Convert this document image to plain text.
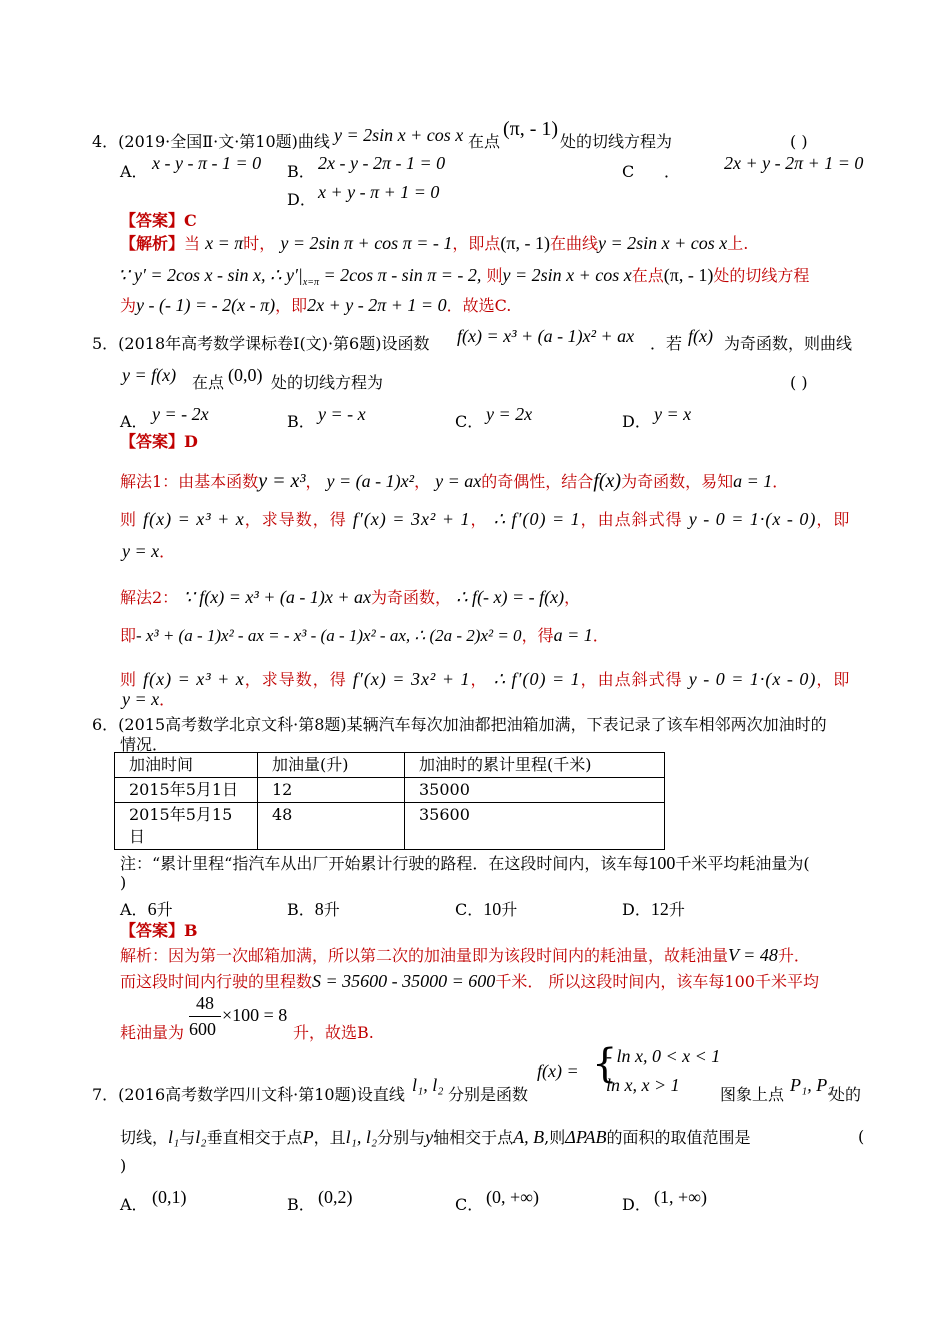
4．(2019·全国Ⅱ·文·第10题)曲线 y = 2sin x + cos x 在点
(π, - 1)
处的切线方程为	( )
A． x - y - π - 1 = 0 B． 2x - y - 2π - 1 = 0	C ． 2x + y - 2π + 1 = 0
D． x + y - π + 1 = 0
【答案】C
【解析】当 x = π时， y = 2sin π + cos π = - 1，即点(π, - 1)在曲线y = 2sin x + cos x上.
∵ y′ = 2cos x - sin x, ∴ $y'|_{x=\pi} = 2\cos$ π - sin π = - 2, 则y = 2sin x + cos x在点(π, - 1)处的切线方程
为y - (- 1) = - 2(x - π)，即2x + y - 2π + 1 = 0．故选C.
5．(2018年高考数学课标卷Ⅰ(文)·第6题)设函数 f(x) = x³ + (a - 1)x² + ax ．若 f(x) 为奇函数，则曲线
y = f(x) 在点 (0,0) 处的切线方程为	( )
A． y = - 2x	B． y = - x	C． y = 2x	D． y = x
【答案】D
解法1：由基本函数y = x³， y = (a - 1)x²， y = ax的奇偶性，结合f(x)为奇函数，易知a = 1．
则 f(x) = x³ + x，求导数，得 f′(x) = 3x² + 1， ∴ f′(0) = 1，由点斜式得 y - 0 = 1·(x - 0)，即
y = x．
解法2： ∵ f(x) = x³ + (a - 1)x + ax为奇函数， ∴ f(- x) = - f(x)，
即- x³ + (a - 1)x² - ax = - x³ - (a - 1)x² - ax, ∴ (2a - 2)x² = 0，得a = 1．
则 f(x) = x³ + x，求导数，得 f′(x) = 3x² + 1， ∴ f′(0) = 1，由点斜式得 y - 0 = 1·(x - 0)，即
y = x．
6．(2015高考数学北京文科·第8题)某辆汽车每次加油都把油箱加满，下表记录了该车相邻两次加油时的
情况．
加油时间	加油量(升)	加油时的累计里程(千米)
2015年5月1日	12	35000
2015年5月15
日	48	35600
注：“累计里程“指汽车从出厂开始累计行驶的路程．在这段时间内，该车每100千米平均耗油量为(
)
A．6升	B．8升	C．10升	D．12升
【答案】B
解析：因为第一次邮箱加满，所以第二次的加油量即为该段时间内的耗油量，故耗油量V = 48升．
而这段时间内行驶的里程数S = 35600 - 35000 = 600千米． 所以这段时间内，该车每100千米平均
48
600
×100 = 8
耗油量为	升，故选B.
7．(2016高考数学四川文科·第10题)设直线 l₁, l₂ 分别是函数
f(x) = {
- ln x, 0 < x < 1
ln x, x > 1	图象上点 P₁, P₂
处的
切线，l₁与l₂垂直相交于点P，且l₁, l₂分别与y轴相交于点A, B,则ΔPAB的面积的取值范围是	(
)
A． (0,1)	B． (0,2)	C． (0, +∞)	D． (1, +∞)
